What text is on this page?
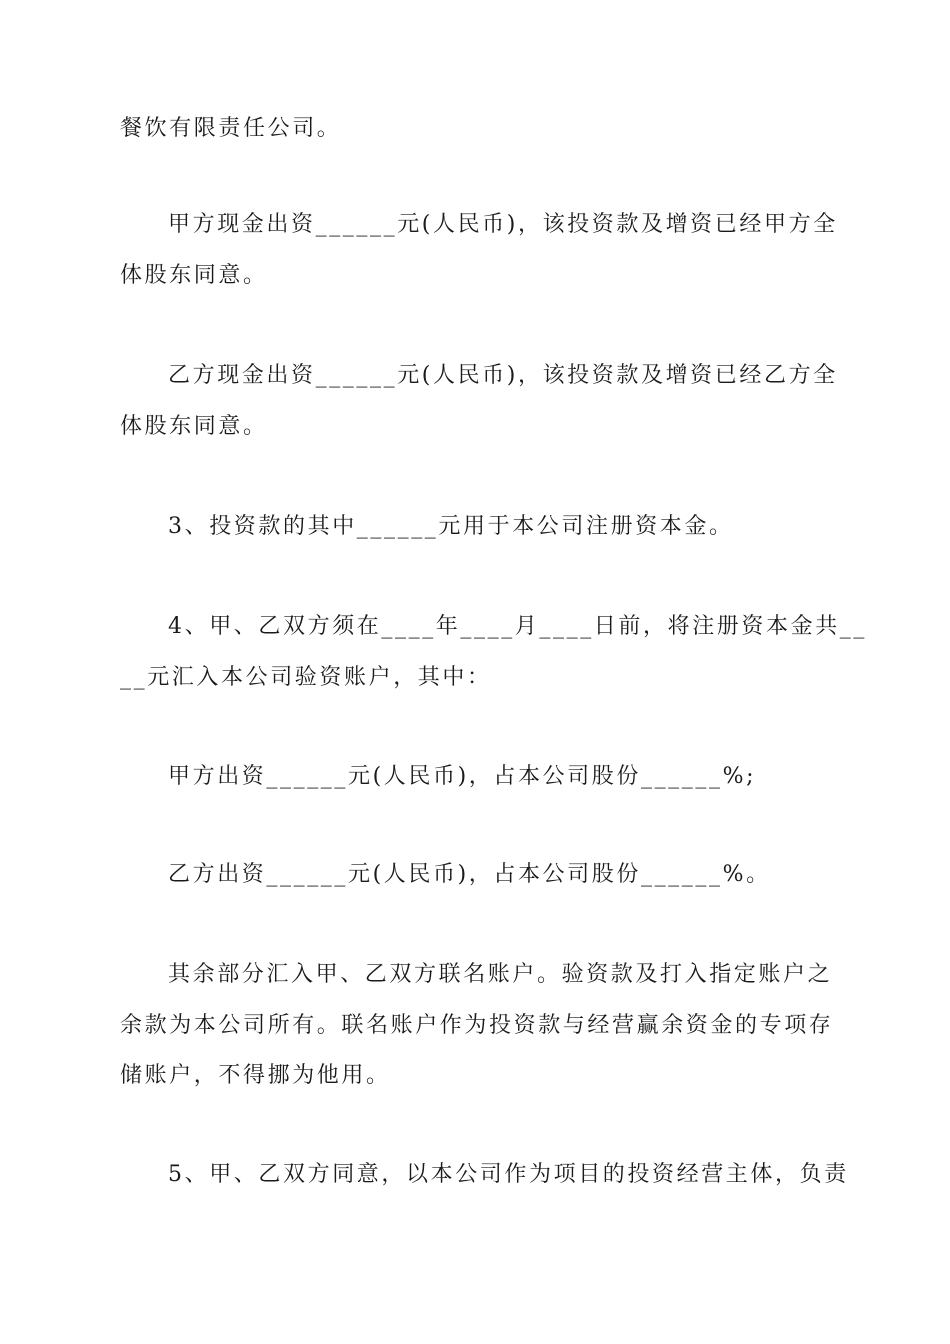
餐饮有限责任公司。
甲方现金出资______元(人民币)，该投资款及增资已经甲方全
体股东同意。
乙方现金出资______元(人民币)，该投资款及增资已经乙方全
体股东同意。
3、投资款的其中______元用于本公司注册资本金。
4、甲、乙双方须在____年____月____日前，将注册资本金共__
__元汇入本公司验资账户，其中：
甲方出资______元(人民币)，占本公司股份______%;
乙方出资______元(人民币)，占本公司股份______%。
其余部分汇入甲、乙双方联名账户。验资款及打入指定账户之
余款为本公司所有。联名账户作为投资款与经营赢余资金的专项存
储账户，不得挪为他用。
5、甲、乙双方同意，以本公司作为项目的投资经营主体，负责
